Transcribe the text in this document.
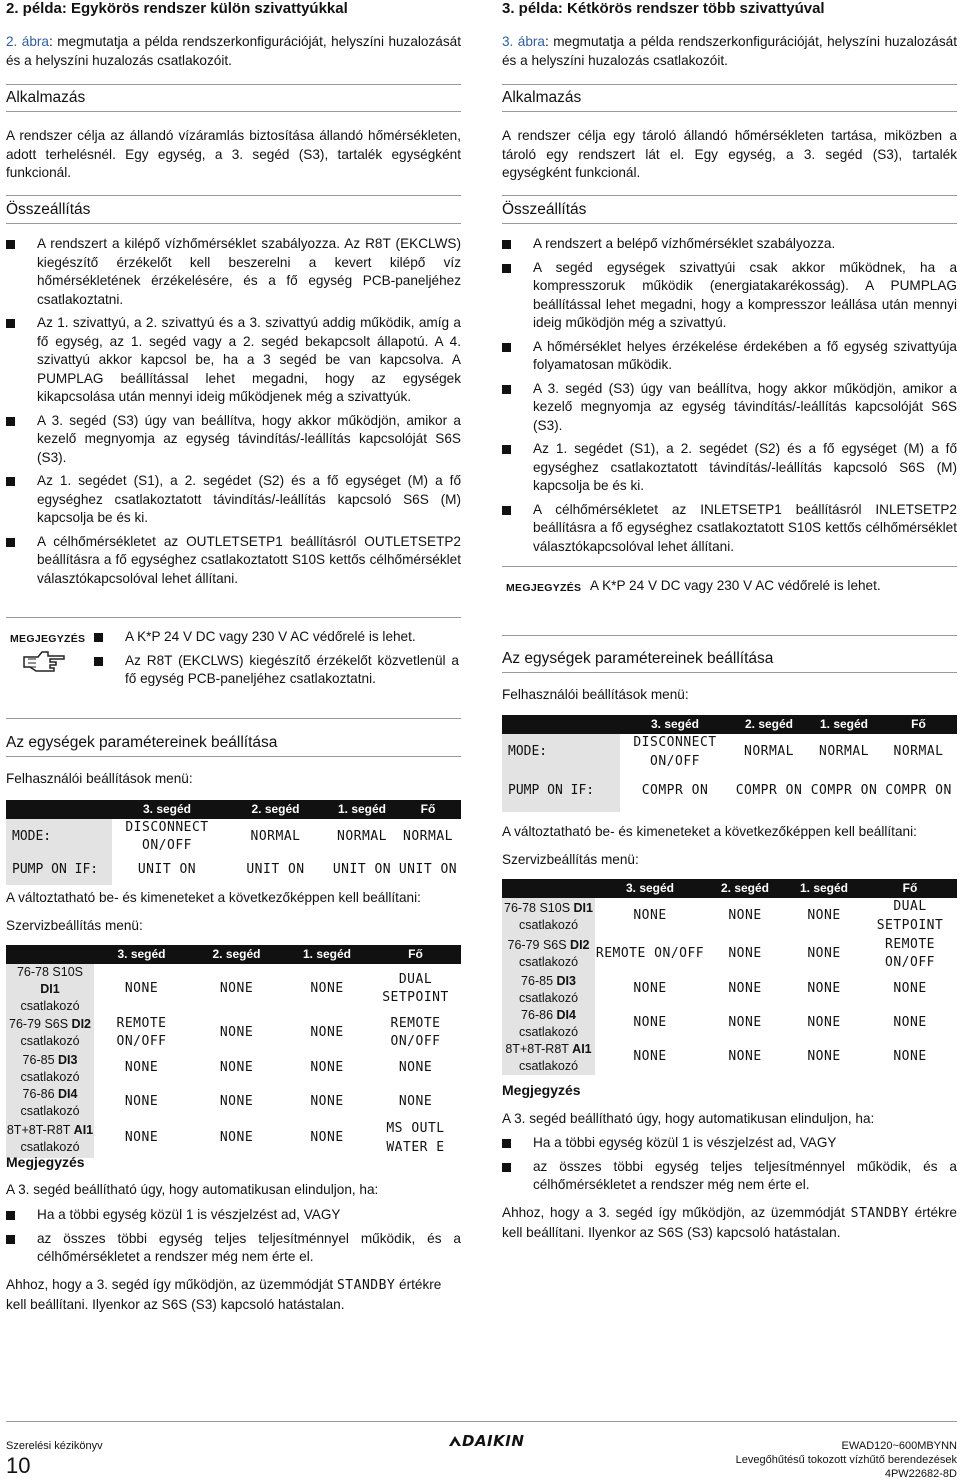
2. példa: Egykörös rendszer külön szivattyúkkal
2. ábra: megmutatja a példa rendszerkonfigurációját, helyszíni huzalozását és a helyszíni huzalozás csatlakozóit.
Alkalmazás
A rendszer célja az állandó vízáramlás biztosítása állandó hőmérsékleten, adott terhelésnél. Egy egység, a 3. segéd (S3), tartalék egységként funkcionál.
Összeállítás
A rendszert a kilépő vízhőmérséklet szabályozza. Az R8T (EKCLWS) kiegészítő érzékelőt kell beszerelni a kevert kilépő víz hőmérsékletének érzékelésére, és a fő egység PCB-paneljéhez csatlakoztatni.
Az 1. szivattyú, a 2. szivattyú és a 3. szivattyú addig működik, amíg a fő egység, az 1. segéd vagy a 2. segéd bekapcsolt állapotú. A 4. szivattyú akkor kapcsol be, ha a 3 segéd be van kapcsolva. A PUMPLAG beállítással lehet megadni, hogy az egységek kikapcsolása után mennyi ideig működjenek még a szivattyúk.
A 3. segéd (S3) úgy van beállítva, hogy akkor működjön, amikor a kezelő megnyomja az egység távindítás/-leállítás kapcsolóját S6S (S3).
Az 1. segédet (S1), a 2. segédet (S2) és a fő egységet (M) a fő egységhez csatlakoztatott távindítás/-leállítás kapcsoló S6S (M) kapcsolja be és ki.
A célhőmérsékletet az OUTLETSETP1 beállításról OUTLETSETP2 beállításra a fő egységhez csatlakoztatott S10S kettős célhőmérséklet választókapcsolóval lehet állítani.
MEGJEGYZÉS	A K*P 24 V DC vagy 230 V AC védőrelé is lehet.
Az R8T (EKCLWS) kiegészítő érzékelőt közvetlenül a fő egység PCB-paneljéhez csatlakoztatni.
Az egységek paramétereinek beállítása
Felhasználói beállítások menü:
	3. segéd	2. segéd	1. segéd	Fő
MODE:	DISCONNECT ON/OFF	NORMAL	NORMAL	NORMAL
PUMP ON IF:	UNIT ON	UNIT ON	UNIT ON	UNIT ON
A változtatható be- és kimeneteket a következőképpen kell beállítani:
Szervizbeállítás menü:
	3. segéd	2. segéd	1. segéd	Fő
76-78 S10S DI1
csatlakozó	NONE	NONE	NONE	DUAL SETPOINT
76-79 S6S DI2
csatlakozó	REMOTE ON/OFF	NONE	NONE	REMOTE ON/OFF
76-85 DI3
csatlakozó	NONE	NONE	NONE	NONE
76-86 DI4
csatlakozó	NONE	NONE	NONE	NONE
8T+8T-R8T AI1
csatlakozó	NONE	NONE	NONE	MS OUTL WATER E
Megjegyzés
A 3. segéd beállítható úgy, hogy automatikusan elinduljon, ha:
Ha a többi egység közül 1 is vészjelzést ad, VAGY
az összes többi egység teljes teljesítménnyel működik, és a célhőmérsékletet a rendszer még nem érte el.
Ahhoz, hogy a 3. segéd így működjön, az üzemmódját STANDBY értékre kell beállítani. Ilyenkor az S6S (S3) kapcsoló hatástalan.
3. példa: Kétkörös rendszer több szivattyúval
3. ábra: megmutatja a példa rendszerkonfigurációját, helyszíni huzalozását és a helyszíni huzalozás csatlakozóit.
Alkalmazás
A rendszer célja egy tároló állandó hőmérsékleten tartása, miközben a tároló egy rendszert lát el. Egy egység, a 3. segéd (S3), tartalék egységként funkcionál.
Összeállítás
A rendszert a belépő vízhőmérséklet szabályozza.
A segéd egységek szivattyúi csak akkor működnek, ha a kompresszoruk működik (energiatakarékosság). A PUMPLAG beállítással lehet megadni, hogy a kompresszor leállása után mennyi ideig működjön még a szivattyú.
A hőmérséklet helyes érzékelése érdekében a fő egység szivattyúja folyamatosan működik.
A 3. segéd (S3) úgy van beállítva, hogy akkor működjön, amikor a kezelő megnyomja az egység távindítás/-leállítás kapcsolóját S6S (S3).
Az 1. segédet (S1), a 2. segédet (S2) és a fő egységet (M) a fő egységhez csatlakoztatott távindítás/-leállítás kapcsoló S6S (M) kapcsolja be és ki.
A célhőmérsékletet az INLETSETP1 beállításról INLETSETP2 beállításra a fő egységhez csatlakoztatott S10S kettős célhőmérséklet választókapcsolóval lehet állítani.
MEGJEGYZÉS A K*P 24 V DC vagy 230 V AC védőrelé is lehet.
Az egységek paramétereinek beállítása
Felhasználói beállítások menü:
	3. segéd	2. segéd	1. segéd	Fő
MODE:	DISCONNECT ON/OFF	NORMAL	NORMAL	NORMAL
PUMP ON IF:	COMPR ON	COMPR ON	COMPR ON	COMPR ON
A változtatható be- és kimeneteket a következőképpen kell beállítani:
Szervizbeállítás menü:
	3. segéd	2. segéd	1. segéd	Fő
76-78 S10S DI1
csatlakozó	NONE	NONE	NONE	DUAL SETPOINT
76-79 S6S DI2
csatlakozó	REMOTE ON/OFF	NONE	NONE	REMOTE ON/OFF
76-85 DI3
csatlakozó	NONE	NONE	NONE	NONE
76-86 DI4
csatlakozó	NONE	NONE	NONE	NONE
8T+8T-R8T AI1
csatlakozó	NONE	NONE	NONE	NONE
Megjegyzés
A 3. segéd beállítható úgy, hogy automatikusan elinduljon, ha:
Ha a többi egység közül 1 is vészjelzést ad, VAGY
az összes többi egység teljes teljesítménnyel működik, és a célhőmérsékletet a rendszer még nem érte el.
Ahhoz, hogy a 3. segéd így működjön, az üzemmódját STANDBY értékre kell beállítani. Ilyenkor az S6S (S3) kapcsoló hatástalan.
Szerelési kézikönyv
10
DAIKIN	EWAD120~600MBYNN
Levegőhűtésű tokozott vízhűtő berendezések
4PW22682-8D
